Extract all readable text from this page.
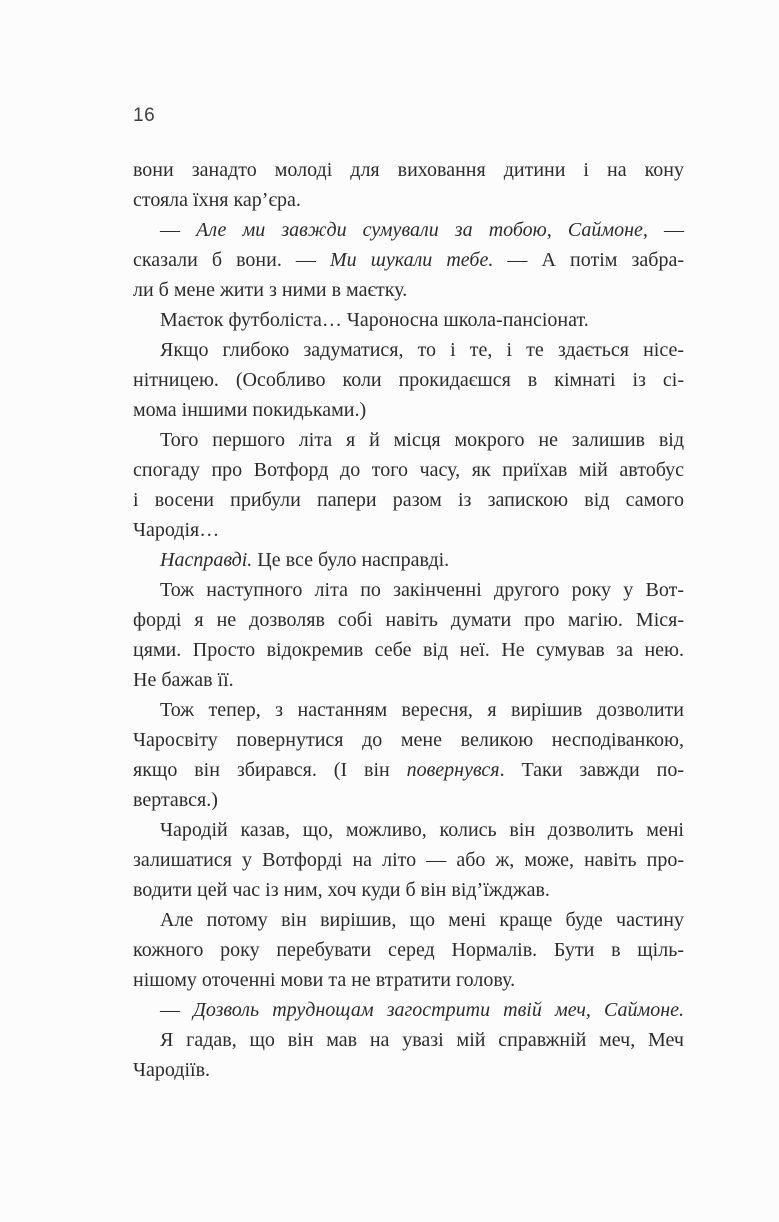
16

вони занадто молоді для виховання дитини і на кону
стояла їхня кар’єра.

— Але ми завжди сумували за тобою, Саймоне, —
сказали б вони. — Ми шукали тебе. — А потім забра-
ли б мене жити з ними в маєтку.

Маєток футболіста… Чароносна школа-пансіонат.

Якщо глибоко задуматися, то і те, і те здається нісе-
нітницею. (Особливо коли прокидаєшся в кімнаті із сі-
мома іншими покидьками.)

Того першого літа я й місця мокрого не залишив від
спогаду про Вотфорд до того часу, як приїхав мій автобус
і восени прибули папери разом із запискою від самого
Чародія…

Насправді. Це все було насправді.

Тож наступного літа по закінченні другого року у Вот-
форді я не дозволяв собі навіть думати про магію. Міся-
цями. Просто відокремив себе від неї. Не сумував за нею.
Не бажав її.

Тож тепер, з настанням вересня, я вирішив дозволити
Чаросвіту повернутися до мене великою несподіванкою,
якщо він збирався. (І він повернувся. Таки завжди по-
вертався.)

Чародій казав, що, можливо, колись він дозволить мені
залишатися у Вотфорді на літо — або ж, може, навіть про-
водити цей час із ним, хоч куди б він від’їжджав.

Але потому він вирішив, що мені краще буде частину
кожного року перебувати серед Нормалів. Бути в щіль-
нішому оточенні мови та не втратити голову.

— Дозволь труднощам загострити твій меч, Саймоне.

Я гадав, що він мав на увазі мій справжній меч, Меч
Чародіїв.
